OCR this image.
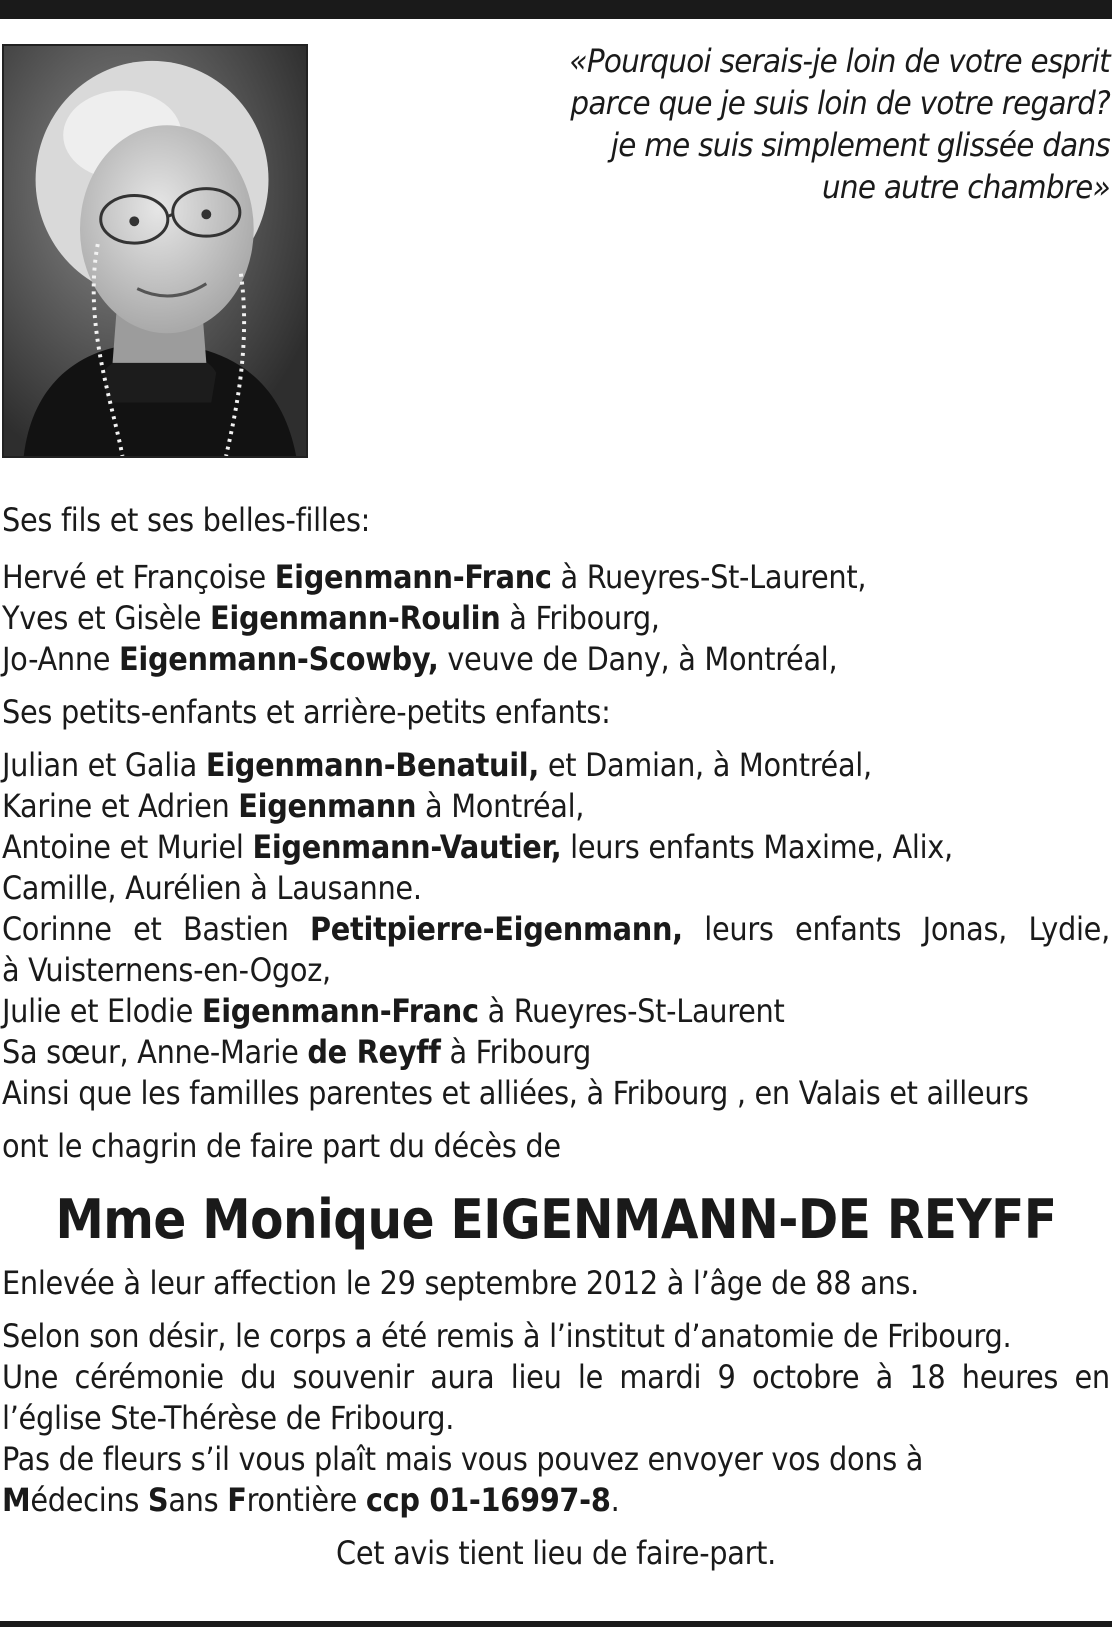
«Pourquoi serais-je loin de votre esprit
parce que je suis loin de votre regard?
je me suis simplement glissée dans
une autre chambre»
Ses fils et ses belles-filles:
Hervé et Françoise Eigenmann-Franc à Rueyres-St-Laurent,
Yves et Gisèle Eigenmann-Roulin à Fribourg,
Jo-Anne Eigenmann-Scowby, veuve de Dany, à Montréal,
Ses petits-enfants et arrière-petits enfants:
Julian et Galia Eigenmann-Benatuil, et Damian, à Montréal,
Karine et Adrien Eigenmann à Montréal,
Antoine et Muriel Eigenmann-Vautier, leurs enfants Maxime, Alix,
Camille, Aurélien à Lausanne.
Corinne et Bastien Petitpierre-Eigenmann, leurs enfants Jonas, Lydie,
à Vuisternens-en-Ogoz,
Julie et Elodie Eigenmann-Franc à Rueyres-St-Laurent
Sa sœur, Anne-Marie de Reyff à Fribourg
Ainsi que les familles parentes et alliées, à Fribourg , en Valais et ailleurs
ont le chagrin de faire part du décès de
Mme Monique EIGENMANN-DE REYFF
Enlevée à leur affection le 29 septembre 2012 à l’âge de 88 ans.
Selon son désir, le corps a été remis à l’institut d’anatomie de Fribourg.
Une cérémonie du souvenir aura lieu le mardi 9 octobre à 18 heures en
l’église Ste-Thérèse de Fribourg.
Pas de fleurs s’il vous plaît mais vous pouvez envoyer vos dons à
Médecins Sans Frontière ccp 01-16997-8.
Cet avis tient lieu de faire-part.
